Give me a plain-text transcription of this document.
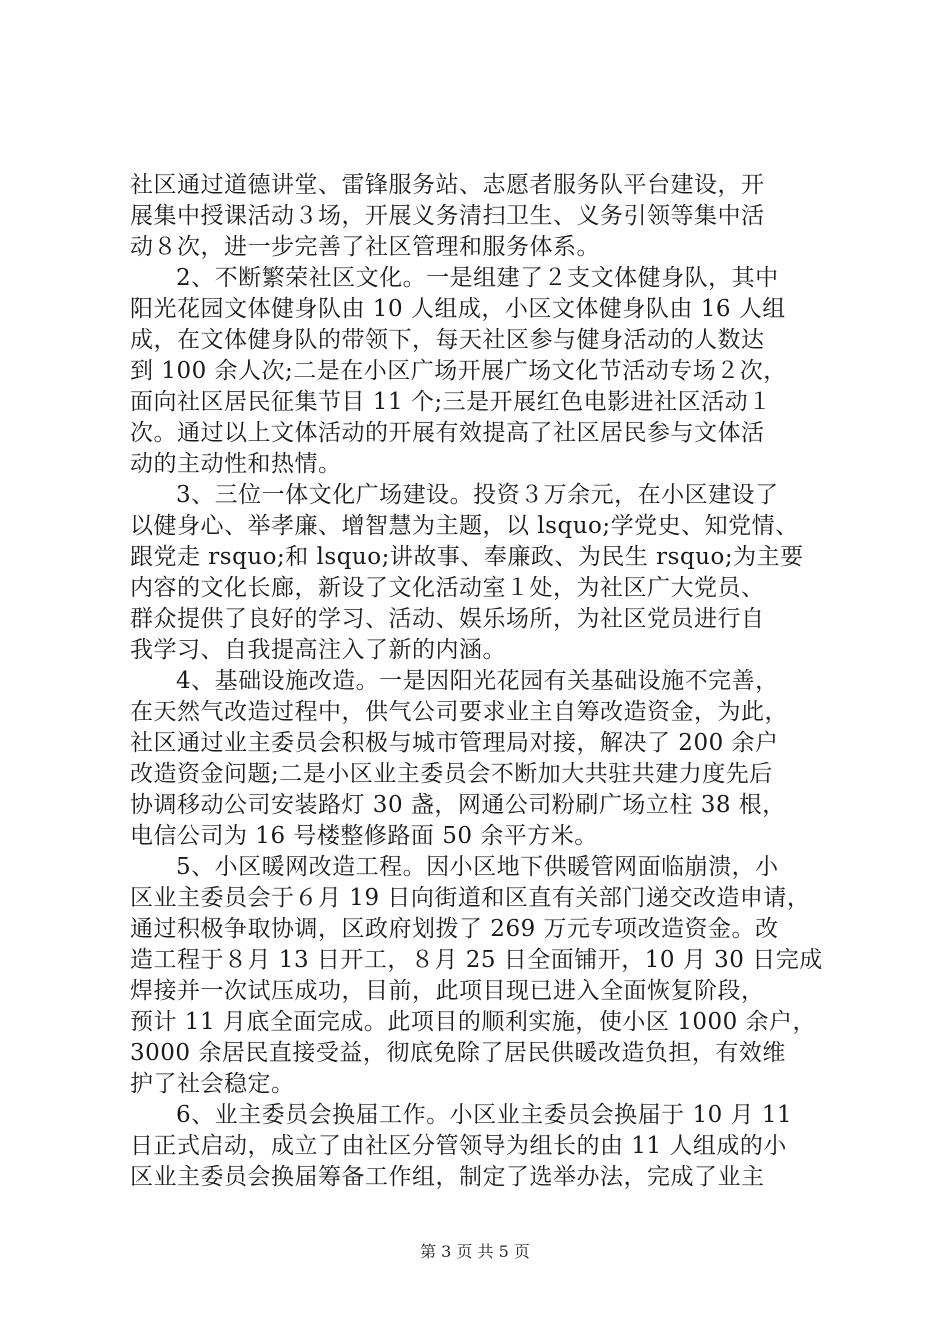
社区通过道德讲堂、雷锋服务站、志愿者服务队平台建设，开
展集中授课活动３场，开展义务清扫卫生、义务引领等集中活
动８次，进一步完善了社区管理和服务体系。
2、不断繁荣社区文化。一是组建了２支文体健身队，其中
阳光花园文体健身队由 10 人组成，小区文体健身队由 16 人组
成，在文体健身队的带领下，每天社区参与健身活动的人数达
到 100 余人次;二是在小区广场开展广场文化节活动专场２次，
面向社区居民征集节目 11 个;三是开展红色电影进社区活动１
次。通过以上文体活动的开展有效提高了社区居民参与文体活
动的主动性和热情。
3、三位一体文化广场建设。投资３万余元，在小区建设了
以健身心、举孝廉、增智慧为主题，以 lsquo;学党史、知党情、
跟党走 rsquo;和 lsquo;讲故事、奉廉政、为民生 rsquo;为主要
内容的文化长廊，新设了文化活动室１处，为社区广大党员、
群众提供了良好的学习、活动、娱乐场所，为社区党员进行自
我学习、自我提高注入了新的内涵。
4、基础设施改造。一是因阳光花园有关基础设施不完善，
在天然气改造过程中，供气公司要求业主自筹改造资金，为此，
社区通过业主委员会积极与城市管理局对接，解决了 200 余户
改造资金问题;二是小区业主委员会不断加大共驻共建力度先后
协调移动公司安装路灯 30 盏，网通公司粉刷广场立柱 38 根，
电信公司为 16 号楼整修路面 50 余平方米。
5、小区暖网改造工程。因小区地下供暖管网面临崩溃，小
区业主委员会于６月 19 日向街道和区直有关部门递交改造申请，
通过积极争取协调，区政府划拨了 269 万元专项改造资金。改
造工程于８月 13 日开工，８月 25 日全面铺开，10 月 30 日完成
焊接并一次试压成功，目前，此项目现已进入全面恢复阶段，
预计 11 月底全面完成。此项目的顺利实施，使小区 1000 余户，
3000 余居民直接受益，彻底免除了居民供暖改造负担，有效维
护了社会稳定。
6、业主委员会换届工作。小区业主委员会换届于 10 月 11
日正式启动，成立了由社区分管领导为组长的由 11 人组成的小
区业主委员会换届筹备工作组，制定了选举办法，完成了业主
第 3 页 共 5 页
